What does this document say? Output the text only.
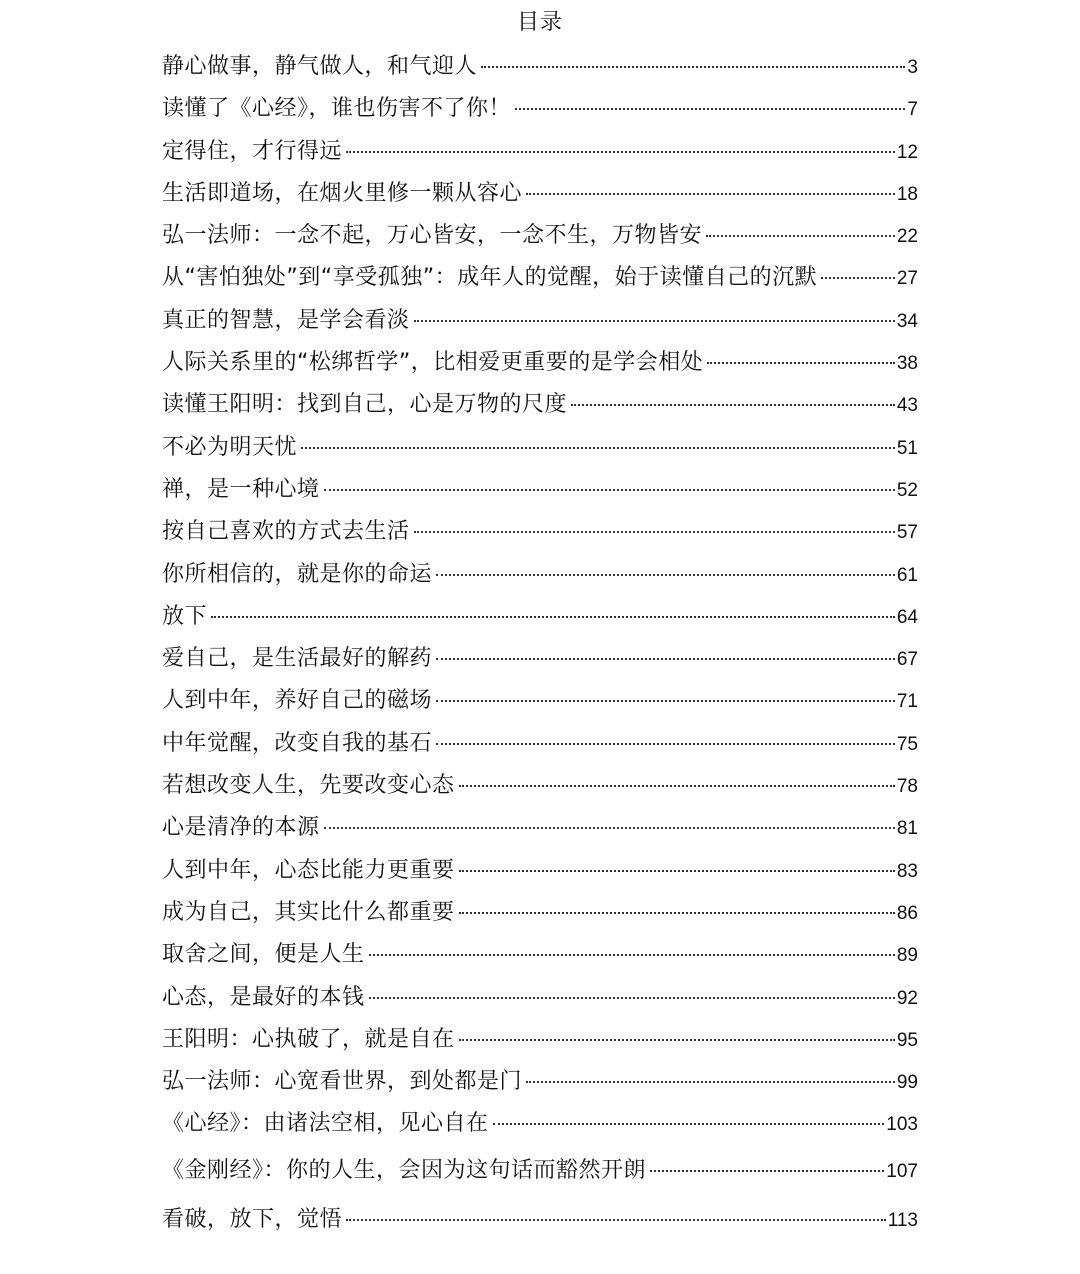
目录
静心做事，静气做人，和气迎人	3
读懂了《心经》，谁也伤害不了你！	7
定得住，才行得远	12
生活即道场，在烟火里修一颗从容心	18
弘一法师：一念不起，万心皆安，一念不生，万物皆安	22
从“害怕独处”到“享受孤独”：成年人的觉醒，始于读懂自己的沉默	27
真正的智慧，是学会看淡	34
人际关系里的“松绑哲学”，比相爱更重要的是学会相处	38
读懂王阳明：找到自己，心是万物的尺度	43
不必为明天忧	51
禅，是一种心境	52
按自己喜欢的方式去生活	57
你所相信的，就是你的命运	61
放下	64
爱自己，是生活最好的解药	67
人到中年，养好自己的磁场	71
中年觉醒，改变自我的基石	75
若想改变人生，先要改变心态	78
心是清净的本源	81
人到中年，心态比能力更重要	83
成为自己，其实比什么都重要	86
取舍之间，便是人生	89
心态，是最好的本钱	92
王阳明：心执破了，就是自在	95
弘一法师：心宽看世界，到处都是门	99
《心经》：由诸法空相，见心自在	103
《金刚经》：你的人生，会因为这句话而豁然开朗	107
看破，放下，觉悟	113
